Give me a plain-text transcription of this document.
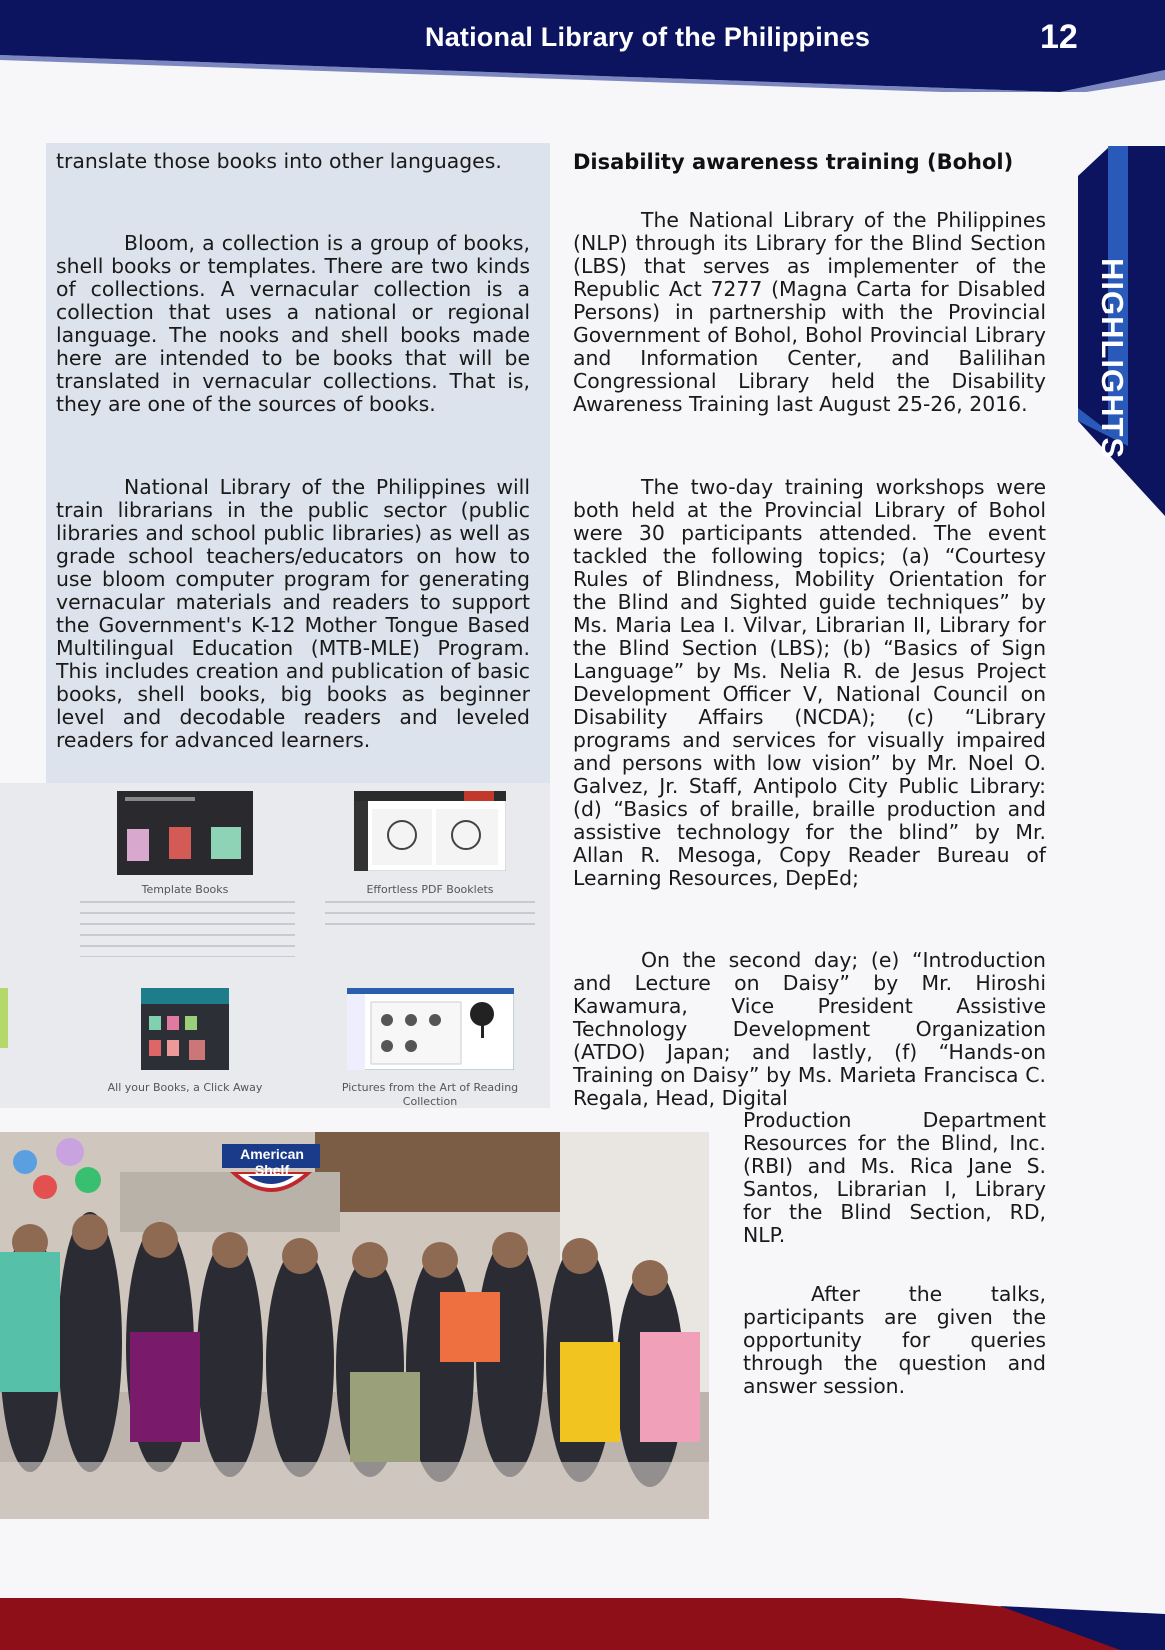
National Library of the Philippines	12
HIGHLIGHTS

translate those books into other languages.

Bloom, a collection is a group of books, shell books or templates. There are two kinds of collections. A vernacular collection is a collection that uses a national or regional language. The nooks and shell books made here are intended to be books that will be translated in vernacular collections. That is, they are one of the sources of books.

National Library of the Philippines will train librarians in the public sector (public libraries and school public libraries) as well as grade school teachers/educators on how to use bloom computer program for generating vernacular materials and readers to support the Government's K-12 Mother Tongue Based Multilingual Education (MTB-MLE) Program. This includes creation and publication of basic books, shell books, big books as beginner level and decodable readers and leveled readers for advanced learners.

Template Books	Effortless PDF Booklets
All your Books, a Click Away	Pictures from the Art of Reading Collection
American Shelf
Disability awareness training (Bohol)

The National Library of the Philippines (NLP) through its Library for the Blind Section (LBS) that serves as implementer of the Republic Act 7277 (Magna Carta for Disabled Persons) in partnership with the Provincial Government of Bohol, Bohol Provincial Library and Information Center, and Balilihan Congressional Library held the Disability Awareness Training last August 25-26, 2016.

The two-day training workshops were both held at the Provincial Library of Bohol were 30 participants attended. The event tackled the following topics; (a) “Courtesy Rules of Blindness, Mobility Orientation for the Blind and Sighted guide techniques” by Ms. Maria Lea I. Vilvar, Librarian II, Library for the Blind Section (LBS); (b) “Basics of Sign Language” by Ms. Nelia R. de Jesus Project Development Officer V, National Council on Disability Affairs (NCDA); (c) “Library programs and services for visually impaired and persons with low vision” by Mr. Noel O. Galvez, Jr. Staff, Antipolo City Public Library: (d) “Basics of braille, braille production and assistive technology for the blind” by Mr. Allan R. Mesoga, Copy Reader Bureau of Learning Resources, DepEd;

On the second day; (e) “Introduction and Lecture on Daisy” by Mr. Hiroshi Kawamura, Vice President Assistive Technology Development Organization (ATDO) Japan; and lastly, (f) “Hands-on Training on Daisy” by Ms. Marieta Francisca C. Regala, Head, Digital

Production Department Resources for the Blind, Inc. (RBI) and Ms. Rica Jane S. Santos, Librarian I, Library for the Blind Section, RD, NLP.

After the talks, participants are given the opportunity for queries through the question and answer session.
